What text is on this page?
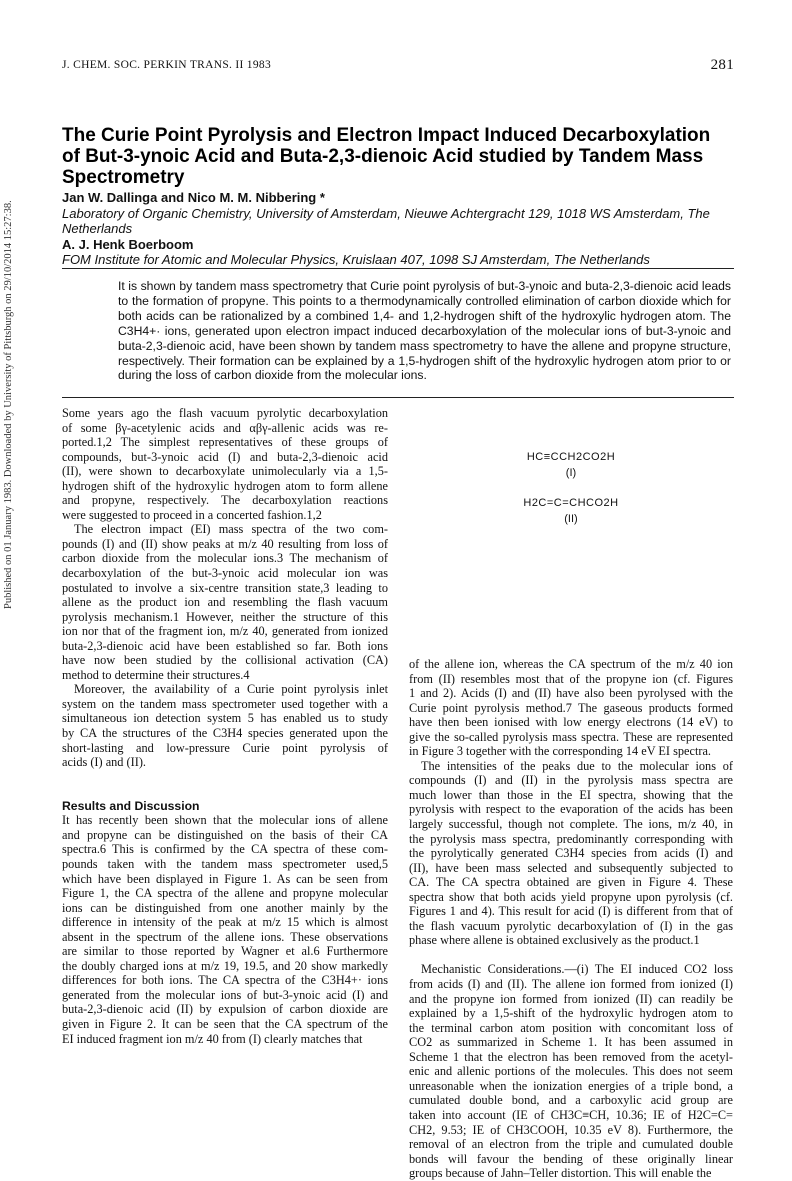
Published on 01 January 1983. Downloaded by University of Pittsburgh on 29/10/2014 15:27:38.
J. CHEM. SOC. PERKIN TRANS. II 1983	281
The Curie Point Pyrolysis and Electron Impact Induced Decarboxylation of But-3-ynoic Acid and Buta-2,3-dienoic Acid studied by Tandem Mass Spectrometry
Jan W. Dallinga and Nico M. M. Nibbering *
Laboratory of Organic Chemistry, University of Amsterdam, Nieuwe Achtergracht 129, 1018 WS Amsterdam, The Netherlands
A. J. Henk Boerboom
FOM Institute for Atomic and Molecular Physics, Kruislaan 407, 1098 SJ Amsterdam, The Netherlands
It is shown by tandem mass spectrometry that Curie point pyrolysis of but-3-ynoic and buta-2,3-dienoic acid leads to the formation of propyne. This points to a thermodynamically controlled elimination of carbon dioxide which for both acids can be rationalized by a combined 1,4- and 1,2-hydrogen shift of the hydroxylic hydrogen atom. The C3H4+· ions, generated upon electron impact induced decarboxylation of the molecular ions of but-3-ynoic and buta-2,3-dienoic acid, have been shown by tandem mass spectrometry to have the allene and propyne structure, respectively. Their formation can be explained by a 1,5-hydrogen shift of the hydroxylic hydrogen atom prior to or during the loss of carbon dioxide from the molecular ions.
Some years ago the flash vacuum pyrolytic decarboxylation
of some βγ-acetylenic acids and αβγ-allenic acids was re-
ported.1,2 The simplest representatives of these groups of
compounds, but-3-ynoic acid (I) and buta-2,3-dienoic acid
(II), were shown to decarboxylate unimolecularly via a 1,5-
hydrogen shift of the hydroxylic hydrogen atom to form allene
and propyne, respectively. The decarboxylation reactions
were suggested to proceed in a concerted fashion.1,2
The electron impact (EI) mass spectra of the two com-
pounds (I) and (II) show peaks at m/z 40 resulting from loss of
carbon dioxide from the molecular ions.3 The mechanism of
decarboxylation of the but-3-ynoic acid molecular ion was
postulated to involve a six-centre transition state,3 leading to
allene as the product ion and resembling the flash vacuum
pyrolysis mechanism.1 However, neither the structure of this
ion nor that of the fragment ion, m/z 40, generated from ionized
buta-2,3-dienoic acid have been established so far. Both ions
have now been studied by the collisional activation (CA)
method to determine their structures.4
Moreover, the availability of a Curie point pyrolysis inlet
system on the tandem mass spectrometer used together with a
simultaneous ion detection system 5 has enabled us to study
by CA the structures of the C3H4 species generated upon the
short-lasting and low-pressure Curie point pyrolysis of
acids (I) and (II).
Results and Discussion
It has recently been shown that the molecular ions of allene
and propyne can be distinguished on the basis of their CA
spectra.6 This is confirmed by the CA spectra of these com-
pounds taken with the tandem mass spectrometer used,5
which have been displayed in Figure 1. As can be seen from
Figure 1, the CA spectra of the allene and propyne molecular
ions can be distinguished from one another mainly by the
difference in intensity of the peak at m/z 15 which is almost
absent in the spectrum of the allene ions. These observations
are similar to those reported by Wagner et al.6 Furthermore
the doubly charged ions at m/z 19, 19.5, and 20 show markedly
differences for both ions. The CA spectra of the C3H4+· ions
generated from the molecular ions of but-3-ynoic acid (I) and
buta-2,3-dienoic acid (II) by expulsion of carbon dioxide are
given in Figure 2. It can be seen that the CA spectrum of the
EI induced fragment ion m/z 40 from (I) clearly matches that
HC≡CCH2CO2H
(I)
H2C=C=CHCO2H
(II)
of the allene ion, whereas the CA spectrum of the m/z 40 ion
from (II) resembles most that of the propyne ion (cf. Figures
1 and 2). Acids (I) and (II) have also been pyrolysed with the
Curie point pyrolysis method.7 The gaseous products formed
have then been ionised with low energy electrons (14 eV) to
give the so-called pyrolysis mass spectra. These are represented
in Figure 3 together with the corresponding 14 eV EI spectra.
The intensities of the peaks due to the molecular ions of
compounds (I) and (II) in the pyrolysis mass spectra are
much lower than those in the EI spectra, showing that the
pyrolysis with respect to the evaporation of the acids has been
largely successful, though not complete. The ions, m/z 40, in
the pyrolysis mass spectra, predominantly corresponding with
the pyrolytically generated C3H4 species from acids (I) and
(II), have been mass selected and subsequently subjected to
CA. The CA spectra obtained are given in Figure 4. These
spectra show that both acids yield propyne upon pyrolysis (cf.
Figures 1 and 4). This result for acid (I) is different from that of
the flash vacuum pyrolytic decarboxylation of (I) in the gas
phase where allene is obtained exclusively as the product.1
Mechanistic Considerations.—(i) The EI induced CO2 loss
from acids (I) and (II). The allene ion formed from ionized (I)
and the propyne ion formed from ionized (II) can readily be
explained by a 1,5-shift of the hydroxylic hydrogen atom to
the terminal carbon atom position with concomitant loss of
CO2 as summarized in Scheme 1. It has been assumed in
Scheme 1 that the electron has been removed from the acetyl-
enic and allenic portions of the molecules. This does not seem
unreasonable when the ionization energies of a triple bond, a
cumulated double bond, and a carboxylic acid group are
taken into account (IE of CH3C≡CH, 10.36; IE of H2C=C=
CH2, 9.53; IE of CH3COOH, 10.35 eV 8). Furthermore, the
removal of an electron from the triple and cumulated double
bonds will favour the bending of these originally linear
groups because of Jahn–Teller distortion. This will enable the
